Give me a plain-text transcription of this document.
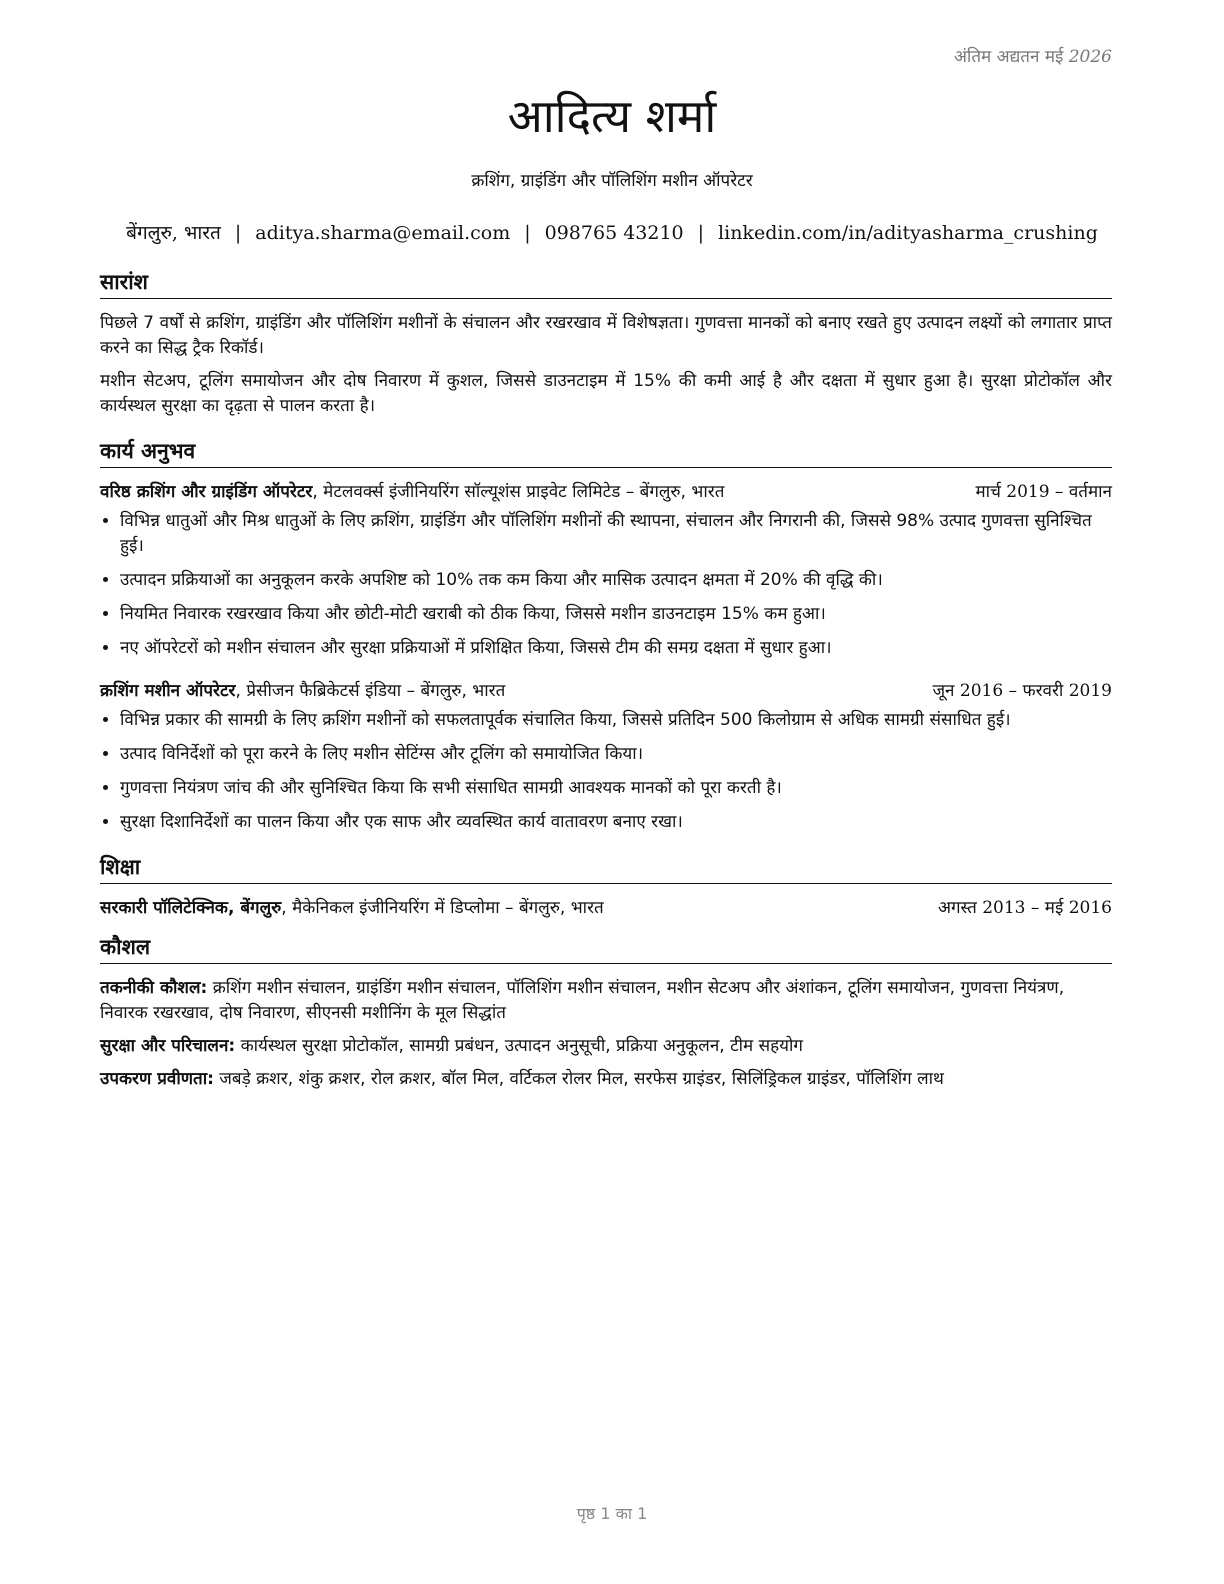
अंतिम अद्यतन मई 2026
आदित्य शर्मा
क्रशिंग, ग्राइंडिंग और पॉलिशिंग मशीन ऑपरेटर
बेंगलुरु, भारत | aditya.sharma@email.com | 098765 43210 | linkedin.com/in/adityasharma_crushing
सारांश

पिछले 7 वर्षों से क्रशिंग, ग्राइंडिंग और पॉलिशिंग मशीनों के संचालन और रखरखाव में विशेषज्ञता। गुणवत्ता मानकों को बनाए रखते हुए उत्पादन लक्ष्यों को लगातार प्राप्त करने का सिद्ध ट्रैक रिकॉर्ड।

मशीन सेटअप, टूलिंग समायोजन और दोष निवारण में कुशल, जिससे डाउनटाइम में 15% की कमी आई है और दक्षता में सुधार हुआ है। सुरक्षा प्रोटोकॉल और कार्यस्थल सुरक्षा का दृढ़ता से पालन करता है।

कार्य अनुभव
वरिष्ठ क्रशिंग और ग्राइंडिंग ऑपरेटर, मेटलवर्क्स इंजीनियरिंग सॉल्यूशंस प्राइवेट लिमिटेड – बेंगलुरु, भारत	मार्च 2019 – वर्तमान
• विभिन्न धातुओं और मिश्र धातुओं के लिए क्रशिंग, ग्राइंडिंग और पॉलिशिंग मशीनों की स्थापना, संचालन और निगरानी की, जिससे 98% उत्पाद गुणवत्ता सुनिश्चित हुई।
• उत्पादन प्रक्रियाओं का अनुकूलन करके अपशिष्ट को 10% तक कम किया और मासिक उत्पादन क्षमता में 20% की वृद्धि की।
• नियमित निवारक रखरखाव किया और छोटी-मोटी खराबी को ठीक किया, जिससे मशीन डाउनटाइम 15% कम हुआ।
• नए ऑपरेटरों को मशीन संचालन और सुरक्षा प्रक्रियाओं में प्रशिक्षित किया, जिससे टीम की समग्र दक्षता में सुधार हुआ।
क्रशिंग मशीन ऑपरेटर, प्रेसीजन फैब्रिकेटर्स इंडिया – बेंगलुरु, भारत	जून 2016 – फरवरी 2019
• विभिन्न प्रकार की सामग्री के लिए क्रशिंग मशीनों को सफलतापूर्वक संचालित किया, जिससे प्रतिदिन 500 किलोग्राम से अधिक सामग्री संसाधित हुई।
• उत्पाद विनिर्देशों को पूरा करने के लिए मशीन सेटिंग्स और टूलिंग को समायोजित किया।
• गुणवत्ता नियंत्रण जांच की और सुनिश्चित किया कि सभी संसाधित सामग्री आवश्यक मानकों को पूरा करती है।
• सुरक्षा दिशानिर्देशों का पालन किया और एक साफ और व्यवस्थित कार्य वातावरण बनाए रखा।
शिक्षा
सरकारी पॉलिटेक्निक, बेंगलुरु, मैकेनिकल इंजीनियरिंग में डिप्लोमा – बेंगलुरु, भारत	अगस्त 2013 – मई 2016
कौशल

तकनीकी कौशल: क्रशिंग मशीन संचालन, ग्राइंडिंग मशीन संचालन, पॉलिशिंग मशीन संचालन, मशीन सेटअप और अंशांकन, टूलिंग समायोजन, गुणवत्ता नियंत्रण, निवारक रखरखाव, दोष निवारण, सीएनसी मशीनिंग के मूल सिद्धांत

सुरक्षा और परिचालन: कार्यस्थल सुरक्षा प्रोटोकॉल, सामग्री प्रबंधन, उत्पादन अनुसूची, प्रक्रिया अनुकूलन, टीम सहयोग

उपकरण प्रवीणता: जबड़े क्रशर, शंकु क्रशर, रोल क्रशर, बॉल मिल, वर्टिकल रोलर मिल, सरफेस ग्राइंडर, सिलिंड्रिकल ग्राइंडर, पॉलिशिंग लाथ

पृष्ठ 1 का 1
